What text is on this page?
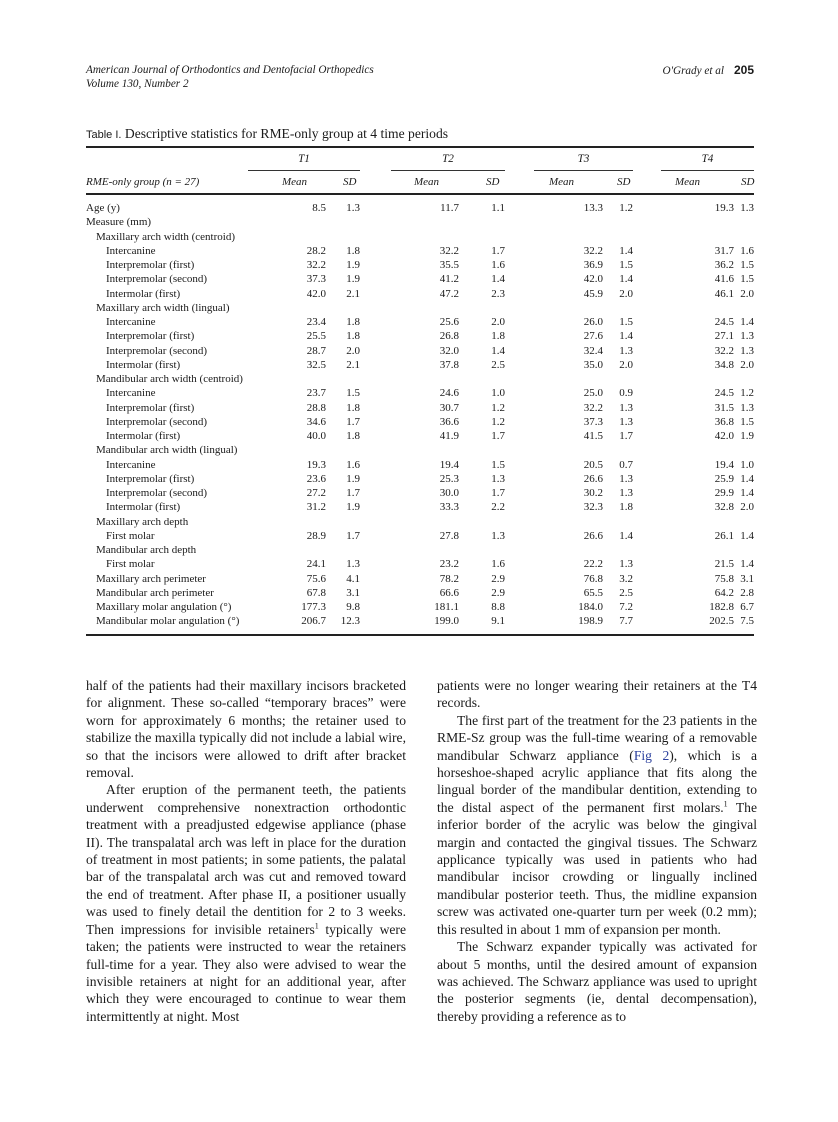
American Journal of Orthodontics and Dentofacial Orthopedics
Volume 130, Number 2
O'Grady et al 205
Table I. Descriptive statistics for RME-only group at 4 time periods
T1
Mean	SD
T2
Mean	SD
T3
Mean	SD
T4
Mean	SD
RME-only group (n = 27)
Age (y)	8.5	1.3	11.7	1.1	13.3	1.2	19.3 1.3
Measure (mm)
Maxillary arch width (centroid)
Intercanine	28.2	1.8	32.2	1.7	32.2	1.4	31.7 1.6
Interpremolar (first)	32.2	1.9	35.5	1.6	36.9	1.5	36.2 1.5
Interpremolar (second)	37.3	1.9	41.2	1.4	42.0	1.4	41.6 1.5
Intermolar (first)	42.0	2.1	47.2	2.3	45.9	2.0	46.1 2.0
Maxillary arch width (lingual)
Intercanine	23.4	1.8	25.6	2.0	26.0	1.5	24.5 1.4
Interpremolar (first)	25.5	1.8	26.8	1.8	27.6	1.4	27.1 1.3
Interpremolar (second)	28.7	2.0	32.0	1.4	32.4	1.3	32.2 1.3
Intermolar (first)	32.5	2.1	37.8	2.5	35.0	2.0	34.8 2.0
Mandibular arch width (centroid)
Intercanine	23.7	1.5	24.6	1.0	25.0	0.9	24.5 1.2
Interpremolar (first)	28.8	1.8	30.7	1.2	32.2	1.3	31.5 1.3
Interpremolar (second)	34.6	1.7	36.6	1.2	37.3	1.3	36.8 1.5
Intermolar (first)	40.0	1.8	41.9	1.7	41.5	1.7	42.0 1.9
Mandibular arch width (lingual)
Intercanine	19.3	1.6	19.4	1.5	20.5	0.7	19.4 1.0
Interpremolar (first)	23.6	1.9	25.3	1.3	26.6	1.3	25.9 1.4
Interpremolar (second)	27.2	1.7	30.0	1.7	30.2	1.3	29.9 1.4
Intermolar (first)	31.2	1.9	33.3	2.2	32.3	1.8	32.8 2.0
Maxillary arch depth
First molar	28.9	1.7	27.8	1.3	26.6	1.4	26.1 1.4
Mandibular arch depth
First molar	24.1	1.3	23.2	1.6	22.2	1.3	21.5 1.4
Maxillary arch perimeter	75.6	4.1	78.2	2.9	76.8	3.2	75.8 3.1
Mandibular arch perimeter	67.8	3.1	66.6	2.9	65.5	2.5	64.2 2.8
Maxillary molar angulation (°)	177.3	9.8	181.1	8.8	184.0	7.2	182.8 6.7
Mandibular molar angulation (°)	206.7	12.3	199.0	9.1	198.9	7.7	202.5 7.5

half of the patients had their maxillary incisors bracketed for alignment. These so-called “temporary braces” were worn for approximately 6 months; the retainer used to stabilize the maxilla typically did not include a labial wire, so that the incisors were allowed to drift after bracket removal.

After eruption of the permanent teeth, the patients underwent comprehensive nonextraction orthodontic treatment with a preadjusted edgewise appliance (phase II). The transpalatal arch was left in place for the duration of treatment in most patients; in some patients, the palatal bar of the transpalatal arch was cut and removed toward the end of treatment. After phase II, a positioner usually was used to finely detail the dentition for 2 to 3 weeks. Then impressions for invisible retainers$^1$ typically were taken; the patients were instructed to wear the retainers full-time for a year. They also were advised to wear the invisible retainers at night for an additional year, after which they were encouraged to continue to wear them intermittently at night. Most

patients were no longer wearing their retainers at the T4 records.

The first part of the treatment for the 23 patients in the RME-Sz group was the full-time wearing of a removable mandibular Schwarz appliance (Fig 2), which is a horseshoe-shaped acrylic appliance that fits along the lingual border of the mandibular dentition, extending to the distal aspect of the permanent first molars.$^1$ The inferior border of the acrylic was below the gingival margin and contacted the gingival tissues. The Schwarz applicance typically was used in patients who had mandibular incisor crowding or lingually inclined mandibular posterior teeth. Thus, the midline expansion screw was activated one-quarter turn per week (0.2 mm); this resulted in about 1 mm of expansion per month.

The Schwarz expander typically was activated for about 5 months, until the desired amount of expansion was achieved. The Schwarz appliance was used to upright the posterior segments (ie, dental decompensation), thereby providing a reference as to
